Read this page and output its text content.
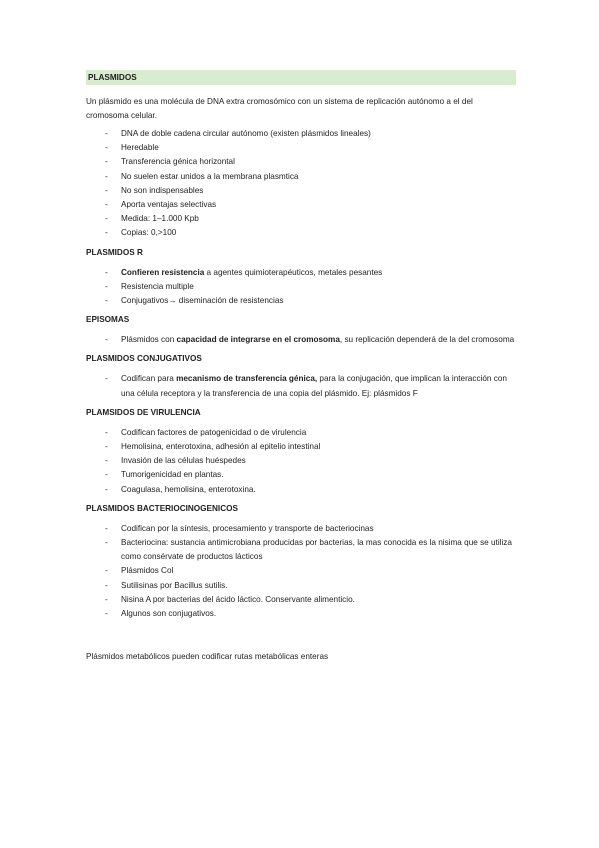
PLASMIDOS

Un plásmido es una molécula de DNA extra cromosómico con un sistema de replicación autónomo a el del cromosoma celular.

- DNA de doble cadena circular autónomo (existen plásmidos lineales)
- Heredable
- Transferencia génica horizontal
- No suelen estar unidos a la membrana plasmtica
- No son indispensables
- Aporta ventajas selectivas
- Medida: 1–1.000 Kpb
- Copias: 0,>100
PLASMIDOS R
- Confieren resistencia a agentes quimioterapéuticos, metales pesantes
- Resistencia multiple
- Conjugativos→ diseminación de resistencias
EPISOMAS
- Plásmidos con capacidad de integrarse en el cromosoma, su replicación dependerá de la del cromosoma
PLASMIDOS CONJUGATIVOS
- Codifican para mecanismo de transferencia génica, para la conjugación, que implican la interacción con una célula receptora y la transferencia de una copia del plásmido. Ej: plásmidos F
PLAMSIDOS DE VIRULENCIA
- Codifican factores de patogenicidad o de virulencia
- Hemolisina, enterotoxina, adhesión al epitelio intestinal
- Invasión de las células huéspedes
- Tumorigenicidad en plantas.
- Coagulasa, hemolisina, enterotoxina.
PLASMIDOS BACTERIOCINOGENICOS
- Codifican por la síntesis, procesamiento y transporte de bacteriocinas
- Bacteriocina: sustancia antimicrobiana producidas por bacterias, la mas conocida es la nisima que se utiliza como consérvate de productos lácticos
- Plásmidos Col
- Sutilisinas por Bacillus sutilis.
- Nisina A por bacterias del ácido láctico. Conservante alimenticio.
- Algunos son conjugativos.
Plásmidos metabólicos pueden codificar rutas metabólicas enteras
